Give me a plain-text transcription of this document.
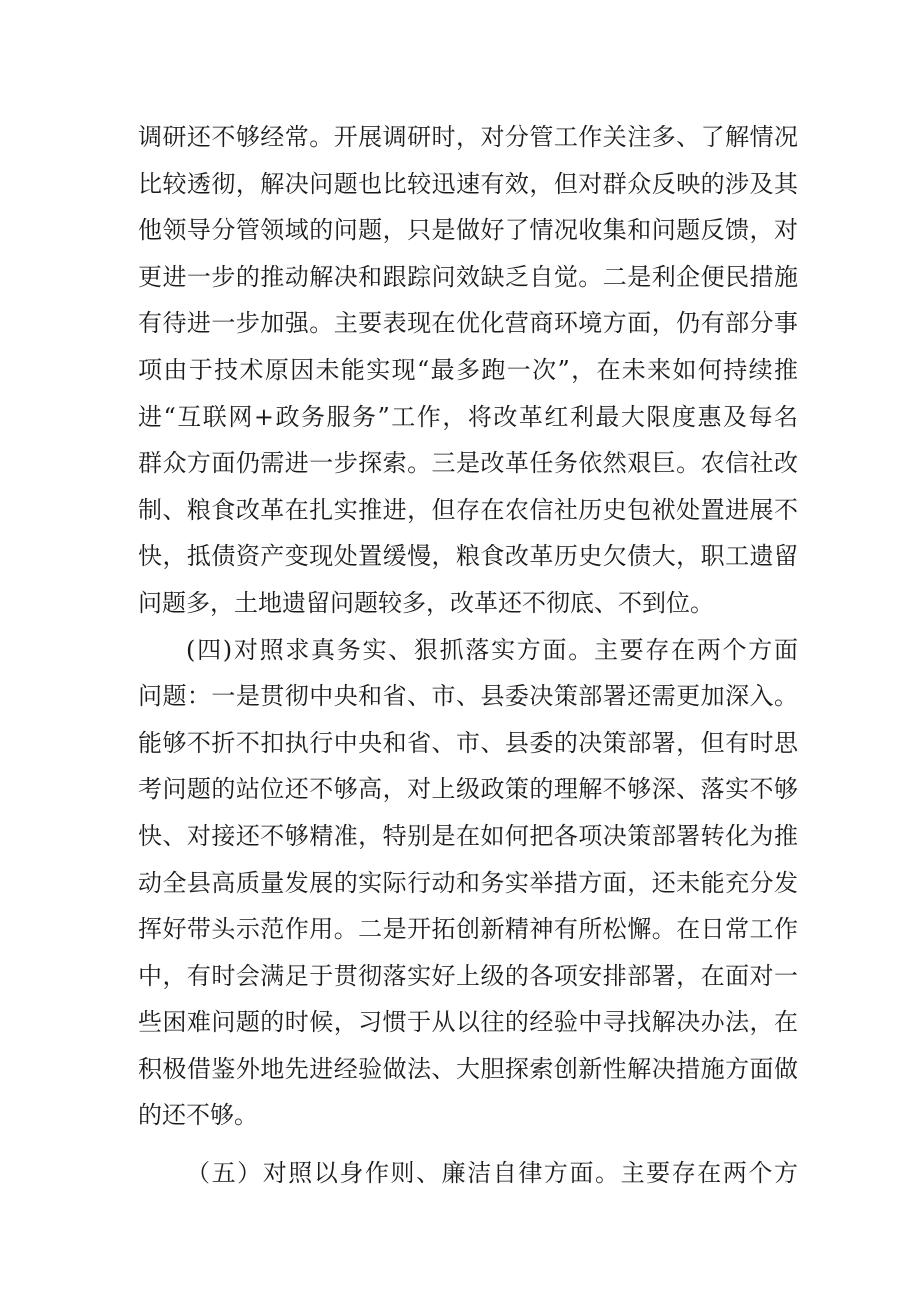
调研还不够经常。开展调研时，对分管工作关注多、了解情况
比较透彻，解决问题也比较迅速有效，但对群众反映的涉及其
他领导分管领域的问题，只是做好了情况收集和问题反馈，对
更进一步的推动解决和跟踪问效缺乏自觉。二是利企便民措施
有待进一步加强。主要表现在优化营商环境方面，仍有部分事
项由于技术原因未能实现“最多跑一次”，在未来如何持续推
进“互联网+政务服务”工作，将改革红利最大限度惠及每名
群众方面仍需进一步探索。三是改革任务依然艰巨。农信社改
制、粮食改革在扎实推进，但存在农信社历史包袱处置进展不
快，抵债资产变现处置缓慢，粮食改革历史欠债大，职工遗留
问题多，土地遗留问题较多，改革还不彻底、不到位。
(四)对照求真务实、狠抓落实方面。主要存在两个方面
问题：一是贯彻中央和省、市、县委决策部署还需更加深入。
能够不折不扣执行中央和省、市、县委的决策部署，但有时思
考问题的站位还不够高，对上级政策的理解不够深、落实不够
快、对接还不够精准，特别是在如何把各项决策部署转化为推
动全县高质量发展的实际行动和务实举措方面，还未能充分发
挥好带头示范作用。二是开拓创新精神有所松懈。在日常工作
中，有时会满足于贯彻落实好上级的各项安排部署，在面对一
些困难问题的时候，习惯于从以往的经验中寻找解决办法，在
积极借鉴外地先进经验做法、大胆探索创新性解决措施方面做
的还不够。
（五）对照以身作则、廉洁自律方面。主要存在两个方
